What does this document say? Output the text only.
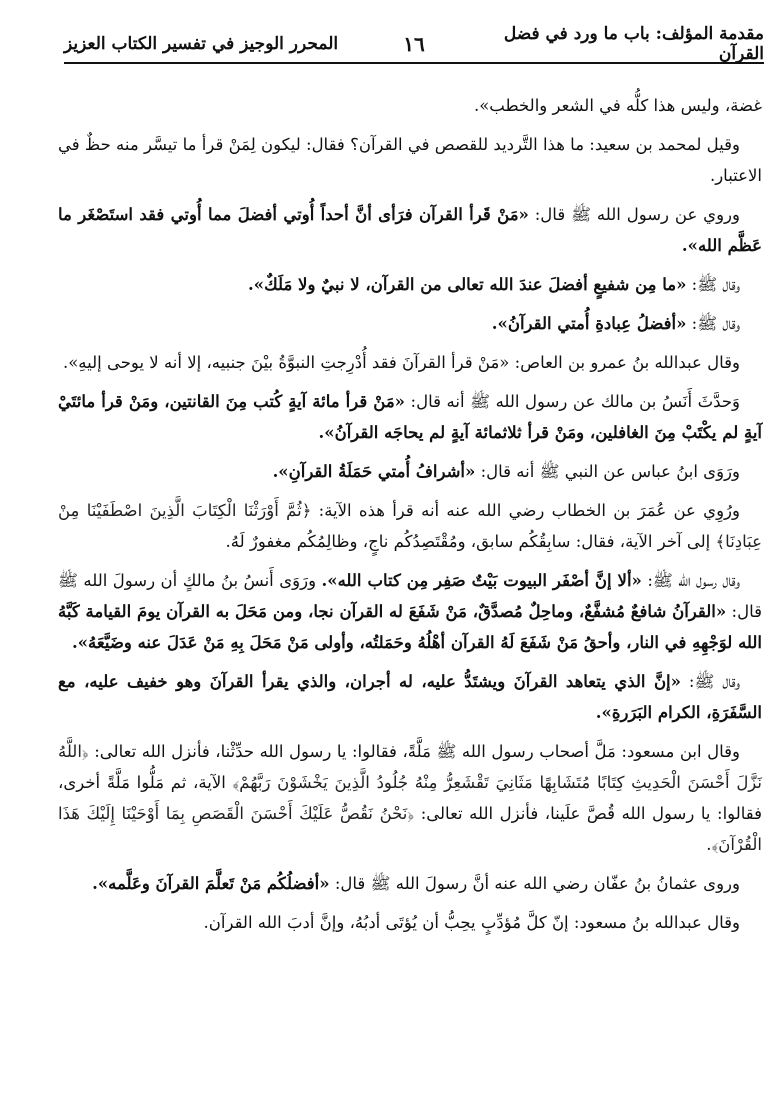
مقدمة المؤلف: باب ما ورد في فضل القرآن
١٦
المحرر الوجيز في تفسير الكتاب العزيز

غضة، وليس هذا كلُّه في الشعر والخطب».

وقيل لمحمد بن سعيد: ما هذا التَّرديد للقصص في القرآن؟ فقال: ليكون لِمَنْ قرأ ما تيسَّر منه حظٌ في الاعتبار.

وروي عن رسول الله ﷺ قال: «مَنْ قَرأ القرآن فرَأى أنَّ أحداً أُوتي أفضلَ مما أُوتي فقد استَصْغَر ما عَظَّم الله».

وقال ﷺ: «ما مِن شفيعٍ أفضلَ عندَ الله تعالى من القرآن، لا نبيٌ ولا مَلَكٌ».

وقال ﷺ: «أفضلُ عِبادةِ أُمتي القرآنُ».

وقال عبدالله بنُ عمرو بن العاص: «مَنْ قرأ القرآنَ فقد أُدْرِجتِ النبوَّةُ بيْنَ جنبيه، إلا أنه لا يوحى إليهِ».

وَحدَّثَ أَنَسُ بن مالك عن رسول الله ﷺ أنه قال: «مَنْ قرأ مائة آيةٍ كُتب مِنَ القانتين، ومَنْ قرأ مائتَيْ آيةٍ لم يكْتَبْ مِنَ الغافلين، ومَنْ قرأ ثلاثمائة آيةٍ لم يحاجَه القرآنُ».

ورَوَى ابنُ عباس عن النبي ﷺ أنه قال: «أشرافُ أُمتي حَمَلَةُ القرآنِ».

ورُوِي عن عُمَرَ بن الخطاب رضي الله عنه أنه قرأ هذه الآية: ﴿ثُمَّ أَوْرَثْنَا الْكِتَابَ الَّذِينَ اصْطَفَيْنَا مِنْ عِبَادِنَا﴾ إلى آخر الآية، فقال: سابِقُكُم سابق، ومُقْتَصِدُكُم ناجٍ، وظالِمُكُم مغفورٌ لَهُ.

وقال رسول الله ﷺ: «ألا إنَّ أصْفَر البيوت بَيْتٌ صَفِر مِن كتاب الله». ورَوَى أَنسُ بنُ مالكٍ أن رسولَ الله ﷺ قال: «القرآنُ شافعٌ مُشفَّعٌ، وماحِلٌ مُصدَّقٌ، مَنْ شَفَعَ له القرآن نجا، ومن مَحَلَ به القرآن يومَ القيامة كَبَّهُ الله لوَجْهِهِ في النار، وأحقُ مَنْ شَفَعَ لَهُ القرآن أهْلُهُ وحَمَلتُه، وأولى مَنْ مَحَلَ بِهِ مَنْ عَدَلَ عنه وضَيَّعَهُ».

وقال ﷺ: «إنَّ الذي يتعاهد القرآنَ ويشتَدُّ عليه، له أجران، والذي يقرأ القرآنَ وهو خفيف عليه، مع السَّفَرَةِ، الكرام البَرَرةِ».

وقال ابن مسعود: مَلَّ أصحاب رسول الله ﷺ مَلَّةً، فقالوا: يا رسول الله حدِّثْنا، فأنزل الله تعالى: ﴿اللَّهُ نَزَّلَ أَحْسَنَ الْحَدِيثِ كِتَابًا مُتَشَابِهًا مَثَانِيَ تَقْشَعِرُّ مِنْهُ جُلُودُ الَّذِينَ يَخْشَوْنَ رَبَّهُمْ﴾ الآية، ثم مَلُّوا مَلَّةً أخرى، فقالوا: يا رسول الله قُصَّ علَينا، فأنزل الله تعالى: ﴿نَحْنُ نَقُصُّ عَلَيْكَ أَحْسَنَ الْقَصَصِ بِمَا أَوْحَيْنَا إِلَيْكَ هَذَا الْقُرْآنَ﴾.

وروى عثمانُ بنُ عفّان رضي الله عنه أنَّ رسولَ الله ﷺ قال: «أفضلُكُم مَنْ تَعلَّمَ القرآنَ وعَلَّمه».

وقال عبدالله بنُ مسعود: إنّ كلَّ مُؤدِّبٍ يحِبُّ أن يُؤتَى أدبُهُ، وإنَّ أدبَ الله القرآن.
